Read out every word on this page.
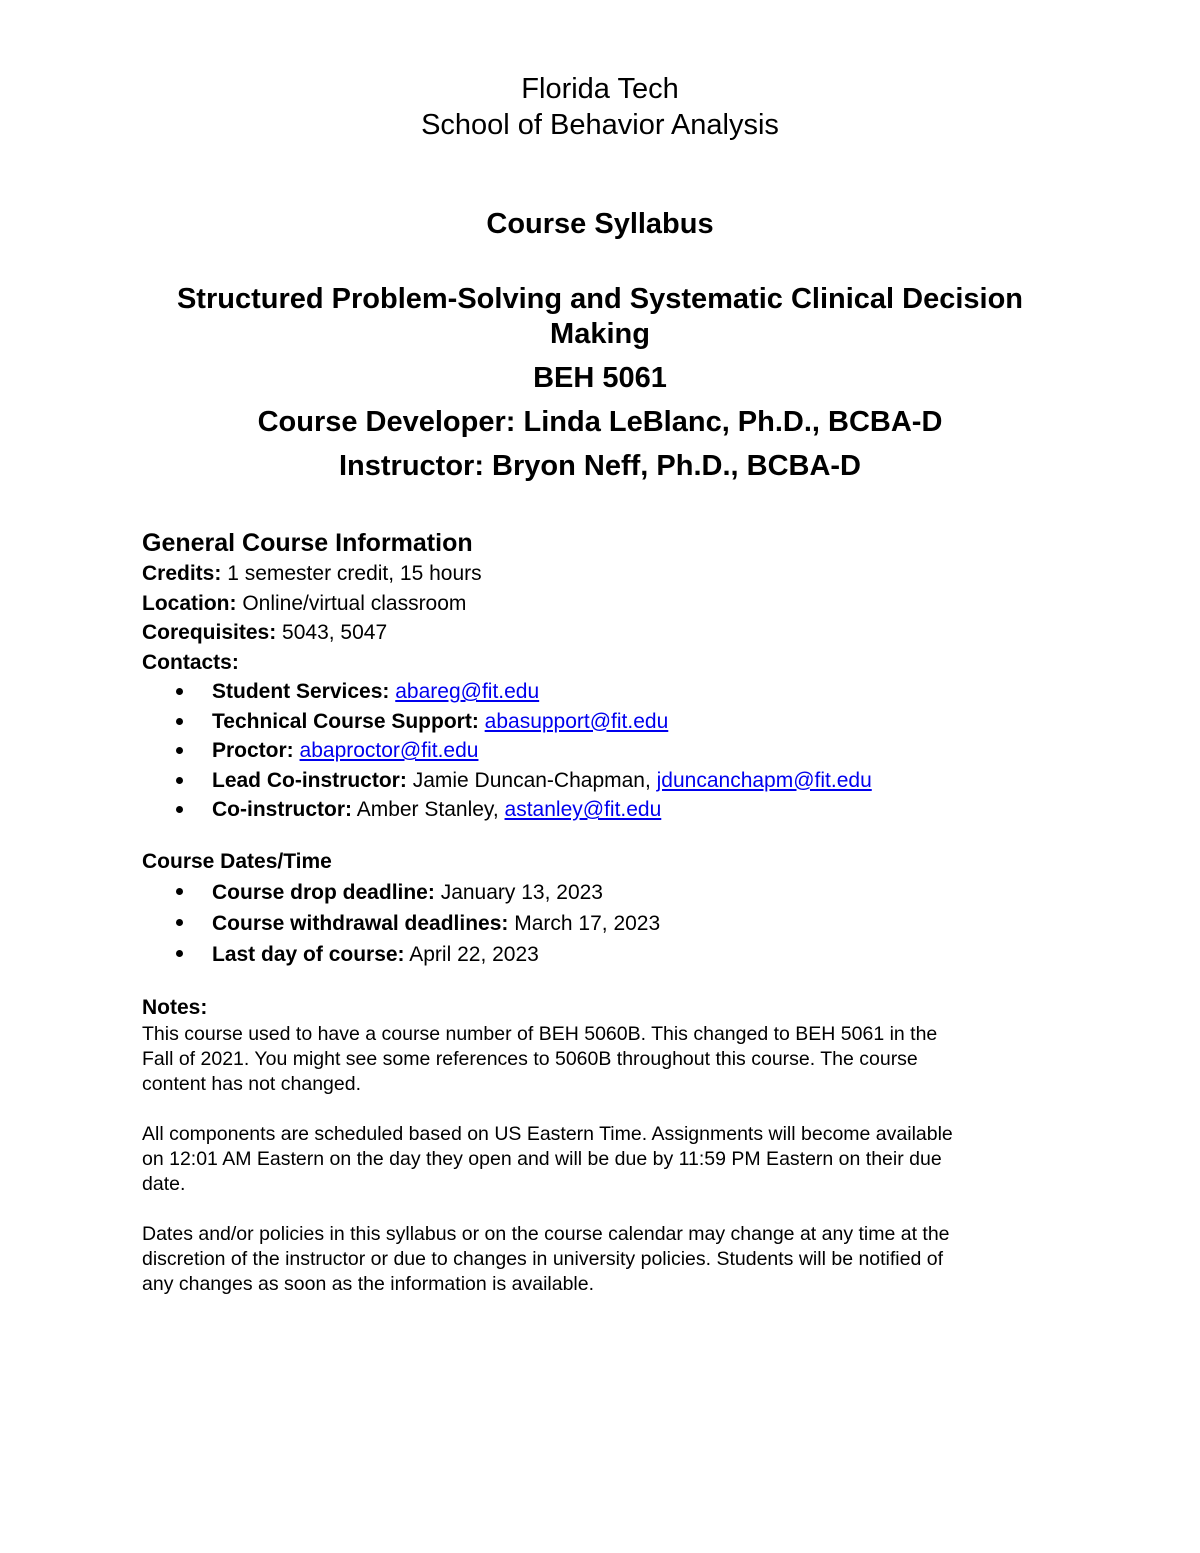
Florida Tech
School of Behavior Analysis
Course Syllabus
Structured Problem-Solving and Systematic Clinical Decision
Making
BEH 5061
Course Developer: Linda LeBlanc, Ph.D., BCBA-D
Instructor: Bryon Neff, Ph.D., BCBA-D
General Course Information
Credits: 1 semester credit, 15 hours
Location: Online/virtual classroom
Corequisites: 5043, 5047
Contacts:
Student Services: abareg@fit.edu
Technical Course Support: abasupport@fit.edu
Proctor: abaproctor@fit.edu
Lead Co-instructor: Jamie Duncan-Chapman, jduncanchapm@fit.edu
Co-instructor: Amber Stanley, astanley@fit.edu
Course Dates/Time
Course drop deadline: January 13, 2023
Course withdrawal deadlines: March 17, 2023
Last day of course: April 22, 2023
Notes:
This course used to have a course number of BEH 5060B. This changed to BEH 5061 in the
Fall of 2021. You might see some references to 5060B throughout this course. The course
content has not changed.
All components are scheduled based on US Eastern Time. Assignments will become available
on 12:01 AM Eastern on the day they open and will be due by 11:59 PM Eastern on their due
date.
Dates and/or policies in this syllabus or on the course calendar may change at any time at the
discretion of the instructor or due to changes in university policies. Students will be notified of
any changes as soon as the information is available.
